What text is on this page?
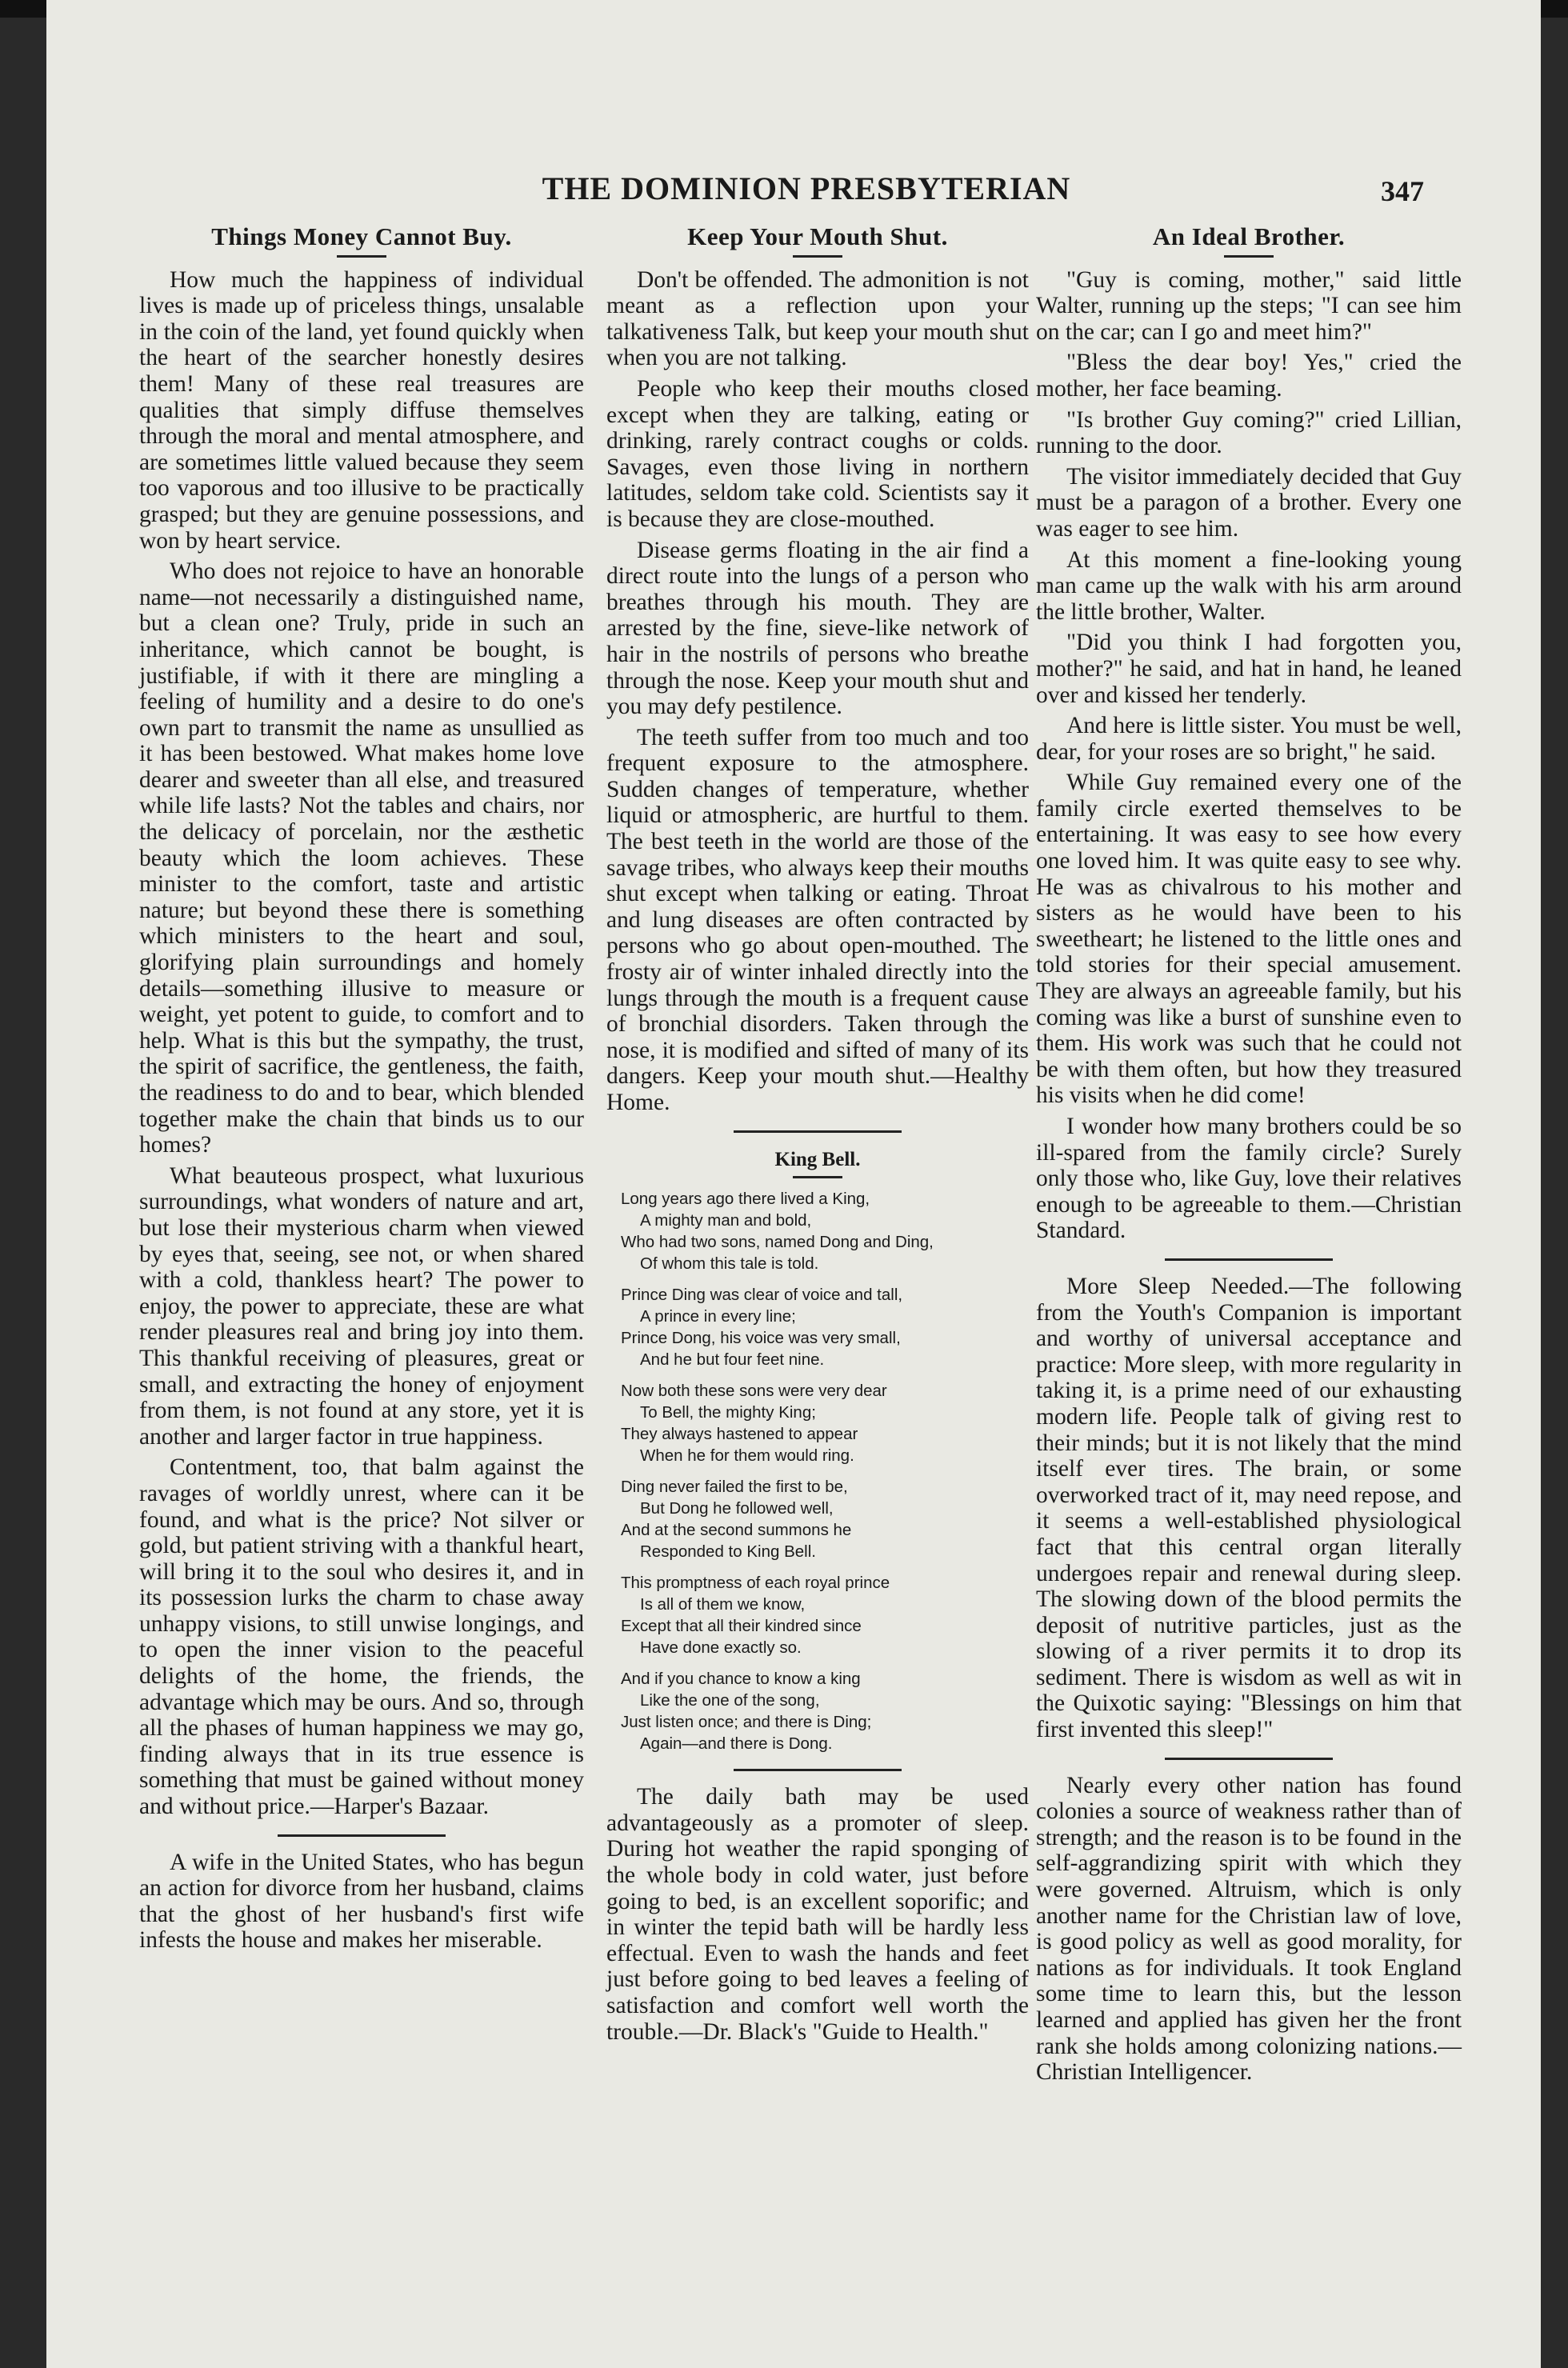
THE DOMINION PRESBYTERIAN	347
Things Money Cannot Buy.

How much the happiness of individual lives is made up of priceless things, unsalable in the coin of the land, yet found quickly when the heart of the searcher honestly desires them! Many of these real treasures are qualities that simply diffuse themselves through the moral and mental atmosphere, and are sometimes little valued because they seem too vaporous and too illusive to be practically grasped; but they are genuine possessions, and won by heart service.

Who does not rejoice to have an honorable name—not necessarily a distinguished name, but a clean one? Truly, pride in such an inheritance, which cannot be bought, is justifiable, if with it there are mingling a feeling of humility and a desire to do one's own part to transmit the name as unsullied as it has been bestowed. What makes home love dearer and sweeter than all else, and treasured while life lasts? Not the tables and chairs, nor the delicacy of porcelain, nor the æsthetic beauty which the loom achieves. These minister to the comfort, taste and artistic nature; but beyond these there is something which ministers to the heart and soul, glorifying plain surroundings and homely details—something illusive to measure or weight, yet potent to guide, to comfort and to help. What is this but the sympathy, the trust, the spirit of sacrifice, the gentleness, the faith, the readiness to do and to bear, which blended together make the chain that binds us to our homes?

What beauteous prospect, what luxurious surroundings, what wonders of nature and art, but lose their mysterious charm when viewed by eyes that, seeing, see not, or when shared with a cold, thankless heart? The power to enjoy, the power to appreciate, these are what render pleasures real and bring joy into them. This thankful receiving of pleasures, great or small, and extracting the honey of enjoyment from them, is not found at any store, yet it is another and larger factor in true happiness.

Contentment, too, that balm against the ravages of worldly unrest, where can it be found, and what is the price? Not silver or gold, but patient striving with a thankful heart, will bring it to the soul who desires it, and in its possession lurks the charm to chase away unhappy visions, to still unwise longings, and to open the inner vision to the peaceful delights of the home, the friends, the advantage which may be ours. And so, through all the phases of human happiness we may go, finding always that in its true essence is something that must be gained without money and without price.—Harper's Bazaar.

A wife in the United States, who has begun an action for divorce from her husband, claims that the ghost of her husband's first wife infests the house and makes her miserable.

Keep Your Mouth Shut.

Don't be offended. The admonition is not meant as a reflection upon your talkativeness Talk, but keep your mouth shut when you are not talking.

People who keep their mouths closed except when they are talking, eating or drinking, rarely contract coughs or colds. Savages, even those living in northern latitudes, seldom take cold. Scientists say it is because they are close-mouthed.

Disease germs floating in the air find a direct route into the lungs of a person who breathes through his mouth. They are arrested by the fine, sieve-like network of hair in the nostrils of persons who breathe through the nose. Keep your mouth shut and you may defy pestilence.

The teeth suffer from too much and too frequent exposure to the atmosphere. Sudden changes of temperature, whether liquid or atmospheric, are hurtful to them. The best teeth in the world are those of the savage tribes, who always keep their mouths shut except when talking or eating. Throat and lung diseases are often contracted by persons who go about open-mouthed. The frosty air of winter inhaled directly into the lungs through the mouth is a frequent cause of bronchial disorders. Taken through the nose, it is modified and sifted of many of its dangers. Keep your mouth shut.—Healthy Home.

King Bell.
Long years ago there lived a King,
A mighty man and bold,
Who had two sons, named Dong and Ding,
Of whom this tale is told.
Prince Ding was clear of voice and tall,
A prince in every line;
Prince Dong, his voice was very small,
And he but four feet nine.
Now both these sons were very dear
To Bell, the mighty King;
They always hastened to appear
When he for them would ring.
Ding never failed the first to be,
But Dong he followed well,
And at the second summons he
Responded to King Bell.
This promptness of each royal prince
Is all of them we know,
Except that all their kindred since
Have done exactly so.
And if you chance to know a king
Like the one of the song,
Just listen once; and there is Ding;
Again—and there is Dong.

The daily bath may be used advantageously as a promoter of sleep. During hot weather the rapid sponging of the whole body in cold water, just before going to bed, is an excellent soporific; and in winter the tepid bath will be hardly less effectual. Even to wash the hands and feet just before going to bed leaves a feeling of satisfaction and comfort well worth the trouble.—Dr. Black's "Guide to Health."

An Ideal Brother.

"Guy is coming, mother," said little Walter, running up the steps; "I can see him on the car; can I go and meet him?"

"Bless the dear boy! Yes," cried the mother, her face beaming.

"Is brother Guy coming?" cried Lillian, running to the door.

The visitor immediately decided that Guy must be a paragon of a brother. Every one was eager to see him.

At this moment a fine-looking young man came up the walk with his arm around the little brother, Walter.

"Did you think I had forgotten you, mother?" he said, and hat in hand, he leaned over and kissed her tenderly.

And here is little sister. You must be well, dear, for your roses are so bright," he said.

While Guy remained every one of the family circle exerted themselves to be entertaining. It was easy to see how every one loved him. It was quite easy to see why. He was as chivalrous to his mother and sisters as he would have been to his sweetheart; he listened to the little ones and told stories for their special amusement. They are always an agreeable family, but his coming was like a burst of sunshine even to them. His work was such that he could not be with them often, but how they treasured his visits when he did come!

I wonder how many brothers could be so ill-spared from the family circle? Surely only those who, like Guy, love their relatives enough to be agreeable to them.—Christian Standard.

More Sleep Needed.—The following from the Youth's Companion is important and worthy of universal acceptance and practice: More sleep, with more regularity in taking it, is a prime need of our exhausting modern life. People talk of giving rest to their minds; but it is not likely that the mind itself ever tires. The brain, or some overworked tract of it, may need repose, and it seems a well-established physiological fact that this central organ literally undergoes repair and renewal during sleep. The slowing down of the blood permits the deposit of nutritive particles, just as the slowing of a river permits it to drop its sediment. There is wisdom as well as wit in the Quixotic saying: "Blessings on him that first invented this sleep!"

Nearly every other nation has found colonies a source of weakness rather than of strength; and the reason is to be found in the self-aggrandizing spirit with which they were governed. Altruism, which is only another name for the Christian law of love, is good policy as well as good morality, for nations as for individuals. It took England some time to learn this, but the lesson learned and applied has given her the front rank she holds among colonizing nations.—Christian Intelligencer.
